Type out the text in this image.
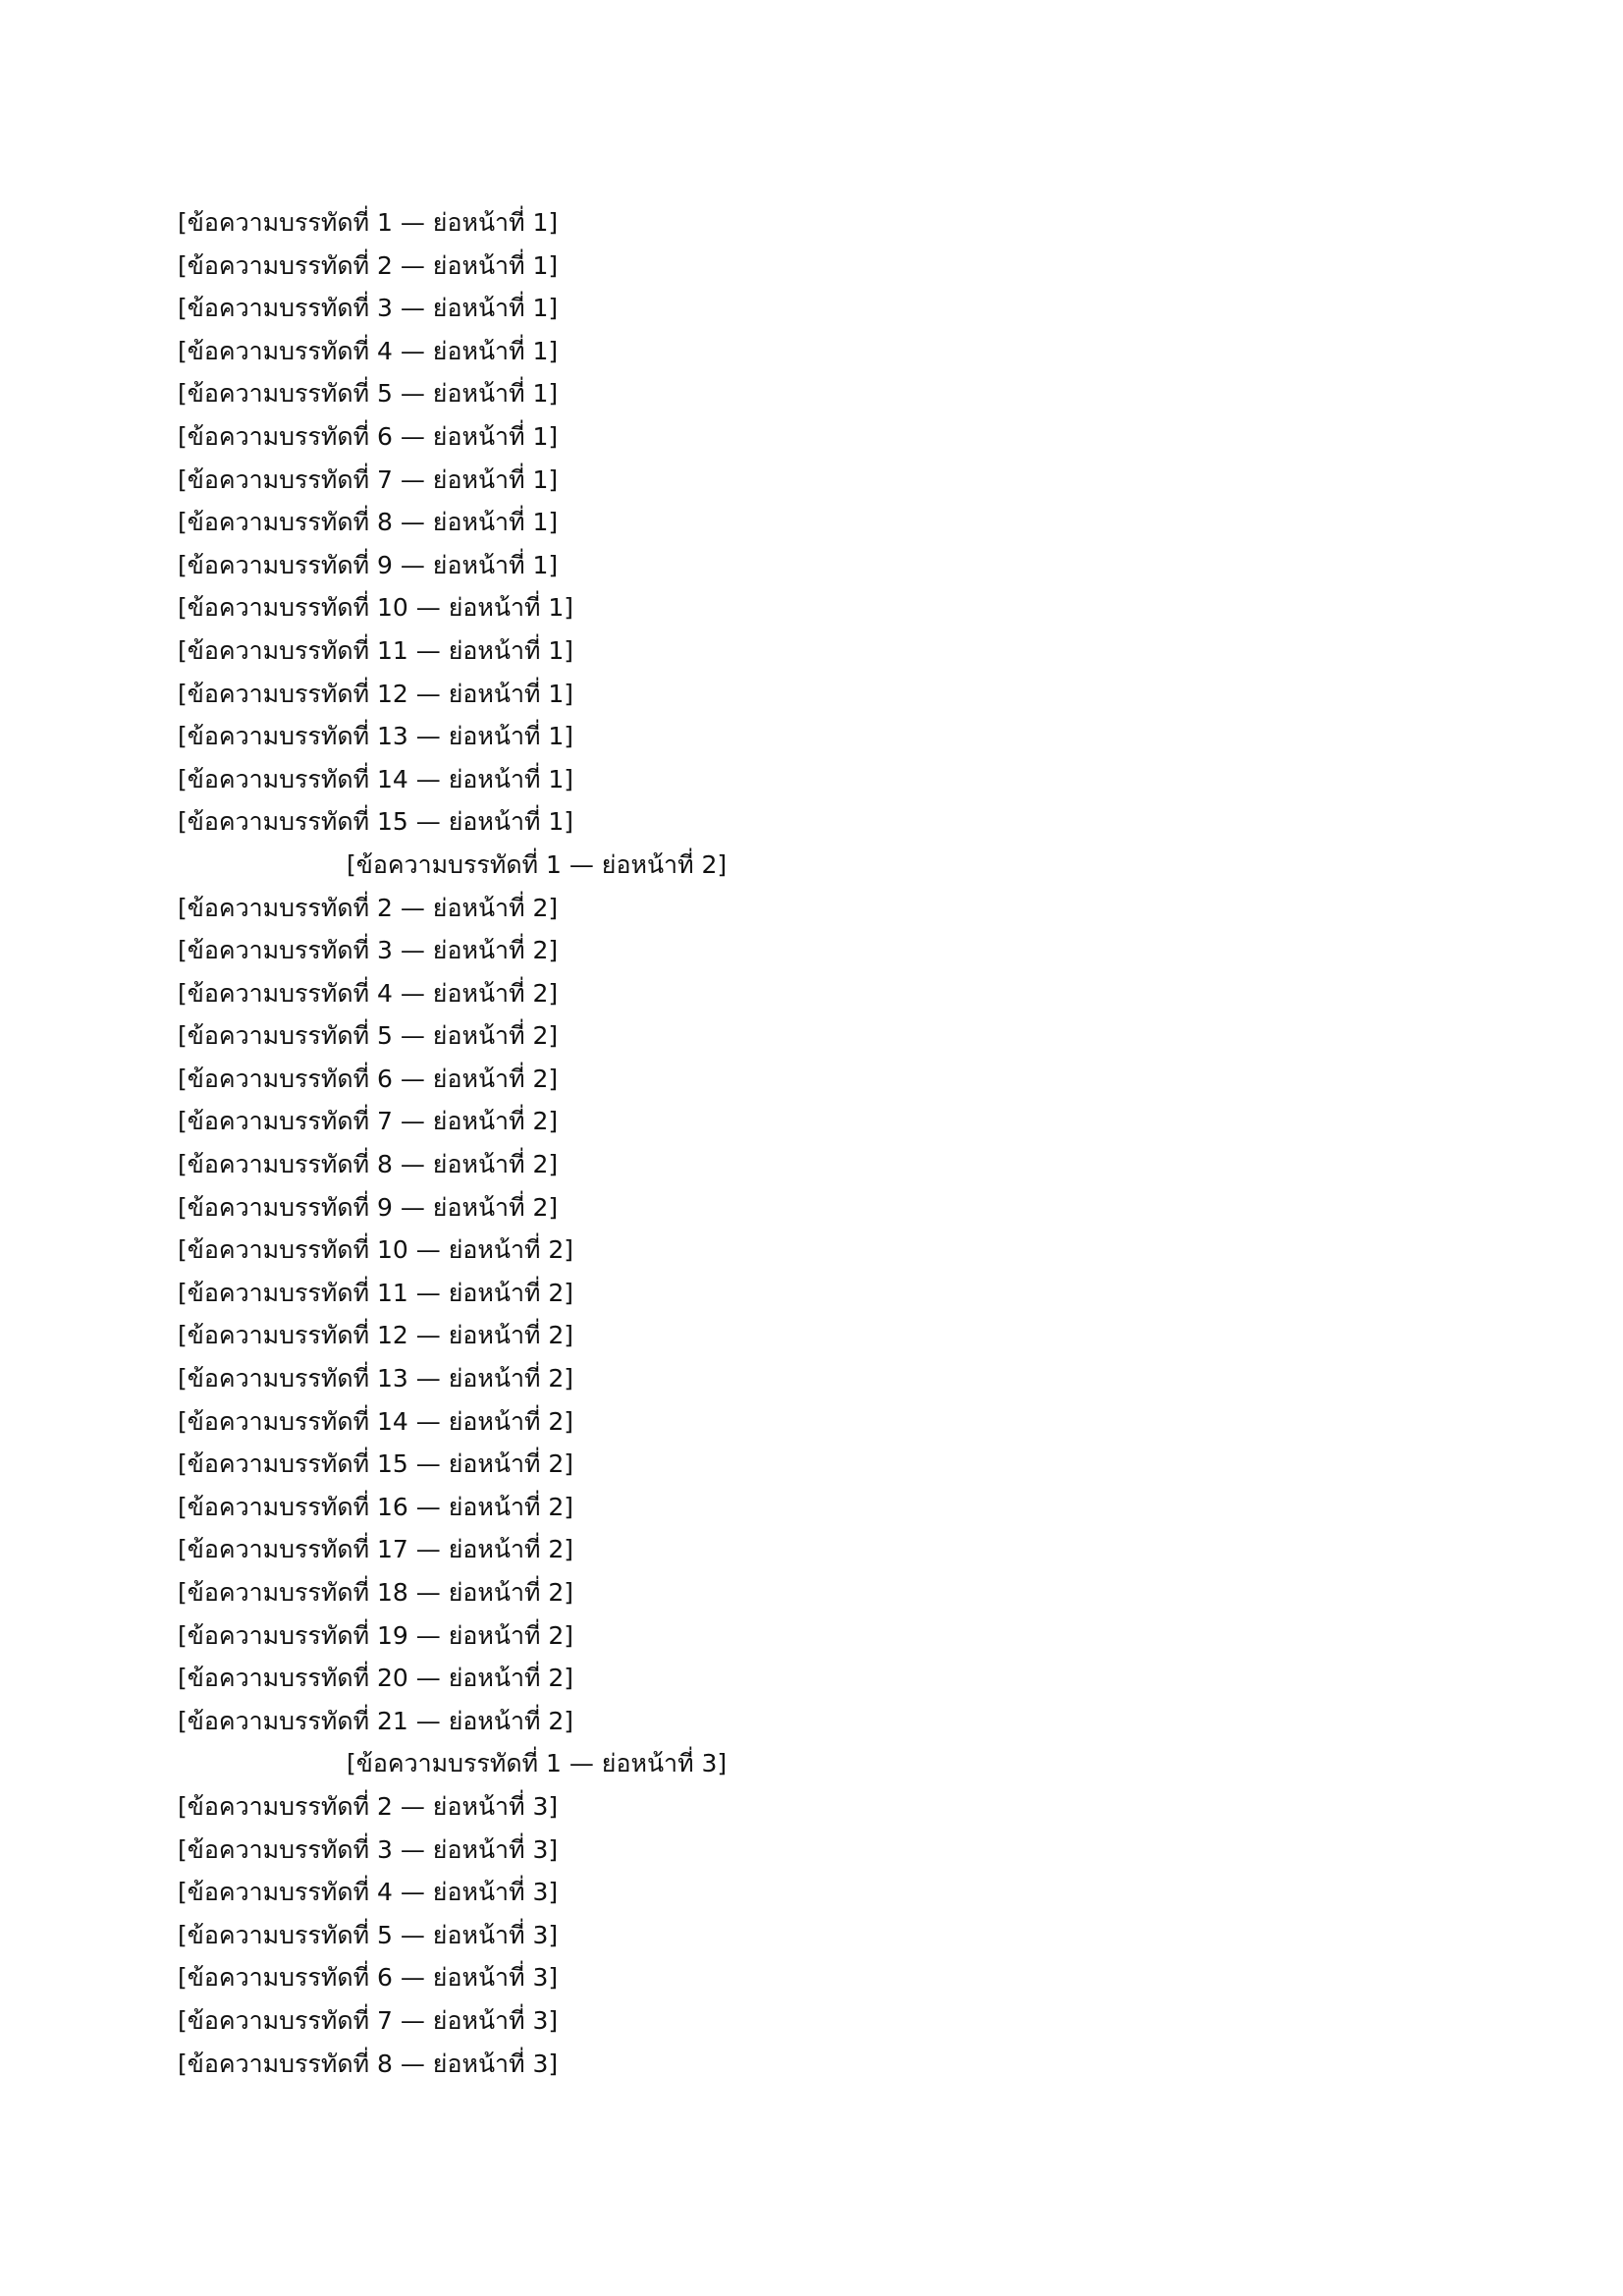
[ข้อความบรรทัดที่ 1 — ย่อหน้าที่ 1]
[ข้อความบรรทัดที่ 2 — ย่อหน้าที่ 1]
[ข้อความบรรทัดที่ 3 — ย่อหน้าที่ 1]
[ข้อความบรรทัดที่ 4 — ย่อหน้าที่ 1]
[ข้อความบรรทัดที่ 5 — ย่อหน้าที่ 1]
[ข้อความบรรทัดที่ 6 — ย่อหน้าที่ 1]
[ข้อความบรรทัดที่ 7 — ย่อหน้าที่ 1]
[ข้อความบรรทัดที่ 8 — ย่อหน้าที่ 1]
[ข้อความบรรทัดที่ 9 — ย่อหน้าที่ 1]
[ข้อความบรรทัดที่ 10 — ย่อหน้าที่ 1]
[ข้อความบรรทัดที่ 11 — ย่อหน้าที่ 1]
[ข้อความบรรทัดที่ 12 — ย่อหน้าที่ 1]
[ข้อความบรรทัดที่ 13 — ย่อหน้าที่ 1]
[ข้อความบรรทัดที่ 14 — ย่อหน้าที่ 1]
[ข้อความบรรทัดที่ 15 — ย่อหน้าที่ 1]
[ข้อความบรรทัดที่ 1 — ย่อหน้าที่ 2]
[ข้อความบรรทัดที่ 2 — ย่อหน้าที่ 2]
[ข้อความบรรทัดที่ 3 — ย่อหน้าที่ 2]
[ข้อความบรรทัดที่ 4 — ย่อหน้าที่ 2]
[ข้อความบรรทัดที่ 5 — ย่อหน้าที่ 2]
[ข้อความบรรทัดที่ 6 — ย่อหน้าที่ 2]
[ข้อความบรรทัดที่ 7 — ย่อหน้าที่ 2]
[ข้อความบรรทัดที่ 8 — ย่อหน้าที่ 2]
[ข้อความบรรทัดที่ 9 — ย่อหน้าที่ 2]
[ข้อความบรรทัดที่ 10 — ย่อหน้าที่ 2]
[ข้อความบรรทัดที่ 11 — ย่อหน้าที่ 2]
[ข้อความบรรทัดที่ 12 — ย่อหน้าที่ 2]
[ข้อความบรรทัดที่ 13 — ย่อหน้าที่ 2]
[ข้อความบรรทัดที่ 14 — ย่อหน้าที่ 2]
[ข้อความบรรทัดที่ 15 — ย่อหน้าที่ 2]
[ข้อความบรรทัดที่ 16 — ย่อหน้าที่ 2]
[ข้อความบรรทัดที่ 17 — ย่อหน้าที่ 2]
[ข้อความบรรทัดที่ 18 — ย่อหน้าที่ 2]
[ข้อความบรรทัดที่ 19 — ย่อหน้าที่ 2]
[ข้อความบรรทัดที่ 20 — ย่อหน้าที่ 2]
[ข้อความบรรทัดที่ 21 — ย่อหน้าที่ 2]
[ข้อความบรรทัดที่ 1 — ย่อหน้าที่ 3]
[ข้อความบรรทัดที่ 2 — ย่อหน้าที่ 3]
[ข้อความบรรทัดที่ 3 — ย่อหน้าที่ 3]
[ข้อความบรรทัดที่ 4 — ย่อหน้าที่ 3]
[ข้อความบรรทัดที่ 5 — ย่อหน้าที่ 3]
[ข้อความบรรทัดที่ 6 — ย่อหน้าที่ 3]
[ข้อความบรรทัดที่ 7 — ย่อหน้าที่ 3]
[ข้อความบรรทัดที่ 8 — ย่อหน้าที่ 3]
